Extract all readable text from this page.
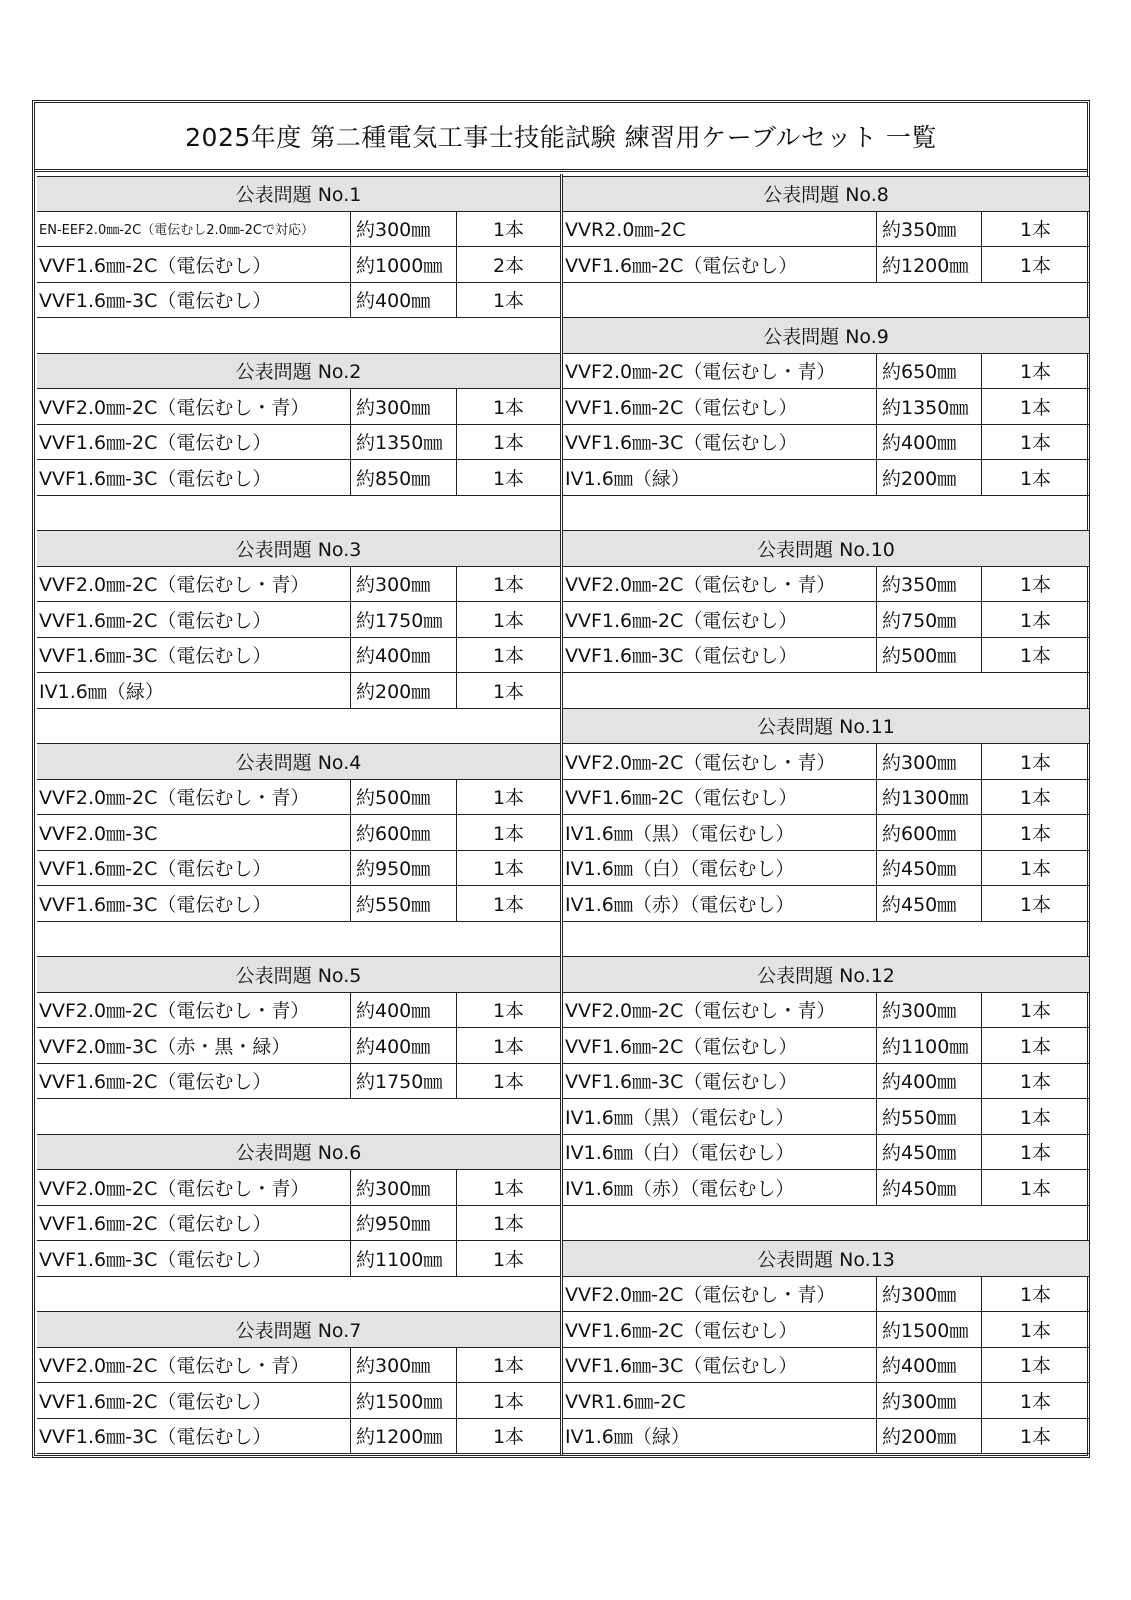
2025年度 第二種電気工事士技能試験 練習用ケーブルセット 一覧
公表問題 No.1
EN-EEF2.0㎜-2C（電伝むし2.0㎜-2Cで対応）	約300㎜	1本
VVF1.6㎜-2C（電伝むし）	約1000㎜	2本
VVF1.6㎜-3C（電伝むし）	約400㎜	1本
公表問題 No.2
VVF2.0㎜-2C（電伝むし・青）	約300㎜	1本
VVF1.6㎜-2C（電伝むし）	約1350㎜	1本
VVF1.6㎜-3C（電伝むし）	約850㎜	1本
公表問題 No.3
VVF2.0㎜-2C（電伝むし・青）	約300㎜	1本
VVF1.6㎜-2C（電伝むし）	約1750㎜	1本
VVF1.6㎜-3C（電伝むし）	約400㎜	1本
IV1.6㎜（緑）	約200㎜	1本
公表問題 No.4
VVF2.0㎜-2C（電伝むし・青）	約500㎜	1本
VVF2.0㎜-3C	約600㎜	1本
VVF1.6㎜-2C（電伝むし）	約950㎜	1本
VVF1.6㎜-3C（電伝むし）	約550㎜	1本
公表問題 No.5
VVF2.0㎜-2C（電伝むし・青）	約400㎜	1本
VVF2.0㎜-3C（赤・黒・緑）	約400㎜	1本
VVF1.6㎜-2C（電伝むし）	約1750㎜	1本
公表問題 No.6
VVF2.0㎜-2C（電伝むし・青）	約300㎜	1本
VVF1.6㎜-2C（電伝むし）	約950㎜	1本
VVF1.6㎜-3C（電伝むし）	約1100㎜	1本
公表問題 No.7
VVF2.0㎜-2C（電伝むし・青）	約300㎜	1本
VVF1.6㎜-2C（電伝むし）	約1500㎜	1本
VVF1.6㎜-3C（電伝むし）	約1200㎜	1本
公表問題 No.8
VVR2.0㎜-2C	約350㎜	1本
VVF1.6㎜-2C（電伝むし）	約1200㎜	1本
公表問題 No.9
VVF2.0㎜-2C（電伝むし・青）	約650㎜	1本
VVF1.6㎜-2C（電伝むし）	約1350㎜	1本
VVF1.6㎜-3C（電伝むし）	約400㎜	1本
IV1.6㎜（緑）	約200㎜	1本
公表問題 No.10
VVF2.0㎜-2C（電伝むし・青）	約350㎜	1本
VVF1.6㎜-2C（電伝むし）	約750㎜	1本
VVF1.6㎜-3C（電伝むし）	約500㎜	1本
公表問題 No.11
VVF2.0㎜-2C（電伝むし・青）	約300㎜	1本
VVF1.6㎜-2C（電伝むし）	約1300㎜	1本
IV1.6㎜（黒）（電伝むし）	約600㎜	1本
IV1.6㎜（白）（電伝むし）	約450㎜	1本
IV1.6㎜（赤）（電伝むし）	約450㎜	1本
公表問題 No.12
VVF2.0㎜-2C（電伝むし・青）	約300㎜	1本
VVF1.6㎜-2C（電伝むし）	約1100㎜	1本
VVF1.6㎜-3C（電伝むし）	約400㎜	1本
IV1.6㎜（黒）（電伝むし）	約550㎜	1本
IV1.6㎜（白）（電伝むし）	約450㎜	1本
IV1.6㎜（赤）（電伝むし）	約450㎜	1本
公表問題 No.13
VVF2.0㎜-2C（電伝むし・青）	約300㎜	1本
VVF1.6㎜-2C（電伝むし）	約1500㎜	1本
VVF1.6㎜-3C（電伝むし）	約400㎜	1本
VVR1.6㎜-2C	約300㎜	1本
IV1.6㎜（緑）	約200㎜	1本
